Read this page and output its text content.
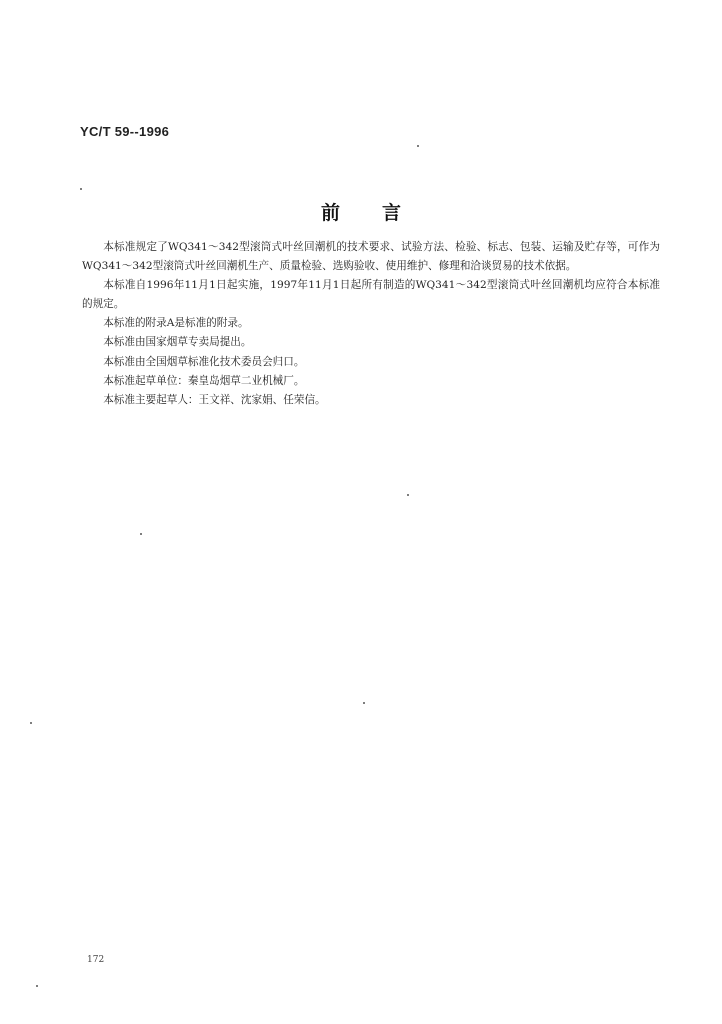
YC/T 59--1996
前言

本标准规定了WQ341～342型滚筒式叶丝回潮机的技术要求、试验方法、检验、标志、包装、运输及贮存等，可作为WQ341～342型滚筒式叶丝回潮机生产、质量检验、选购验收、使用维护、修理和洽谈贸易的技术依据。

本标准自1996年11月1日起实施，1997年11月1日起所有制造的WQ341～342型滚筒式叶丝回潮机均应符合本标准的规定。

本标准的附录A是标准的附录。

本标准由国家烟草专卖局提出。

本标准由全国烟草标准化技术委员会归口。

本标准起草单位：秦皇岛烟草二业机械厂。

本标准主要起草人：王文祥、沈家娟、任荣信。

172
